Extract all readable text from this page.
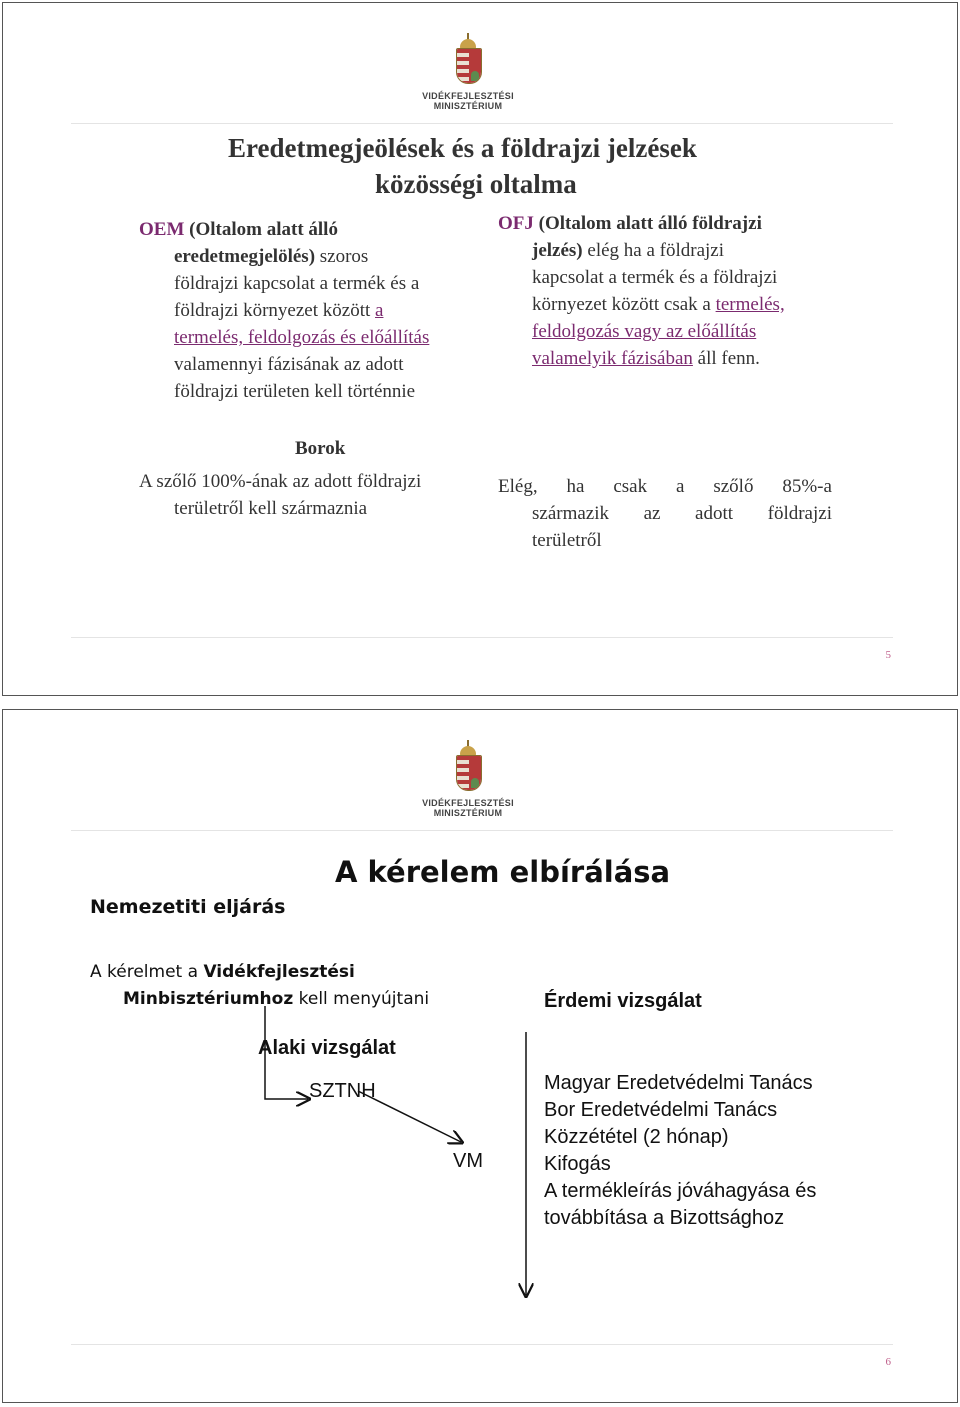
VIDÉKFEJLESZTÉSI
MINISZTÉRIUM
Eredetmegjeölések és a földrajzi jelzések
közösségi oltalma
OEM (Oltalom alatt álló
eredetmegjelölés) szoros
földrajzi kapcsolat a termék és a
földrajzi környezet között a
termelés, feldolgozás és előállítás
valamennyi fázisának az adott
földrajzi területen kell történnie
OFJ (Oltalom alatt álló földrajzi
jelzés) elég ha a földrajzi
kapcsolat a termék és a földrajzi
környezet között csak a termelés,
feldolgozás vagy az előállítás
valamelyik fázisában áll fenn.
Borok
A szőlő 100%-ának az adott földrajzi
területről kell származnia
Elég, ha csak a szőlő 85%-a
származik az adott földrajzi
területről
5
VIDÉKFEJLESZTÉSI
MINISZTÉRIUM
A kérelem elbírálása
Nemezetiti eljárás
A kérelmet a Vidékfejlesztési
Minbisztériumhoz kell menyújtani
Alaki vizsgálat
SZTNH
VM
Érdemi vizsgálat
Magyar Eredetvédelmi Tanács
Bor Eredetvédelmi Tanács
Közzététel (2 hónap)
Kifogás
A termékleírás jóváhagyása és
továbbítása a Bizottsághoz
6
